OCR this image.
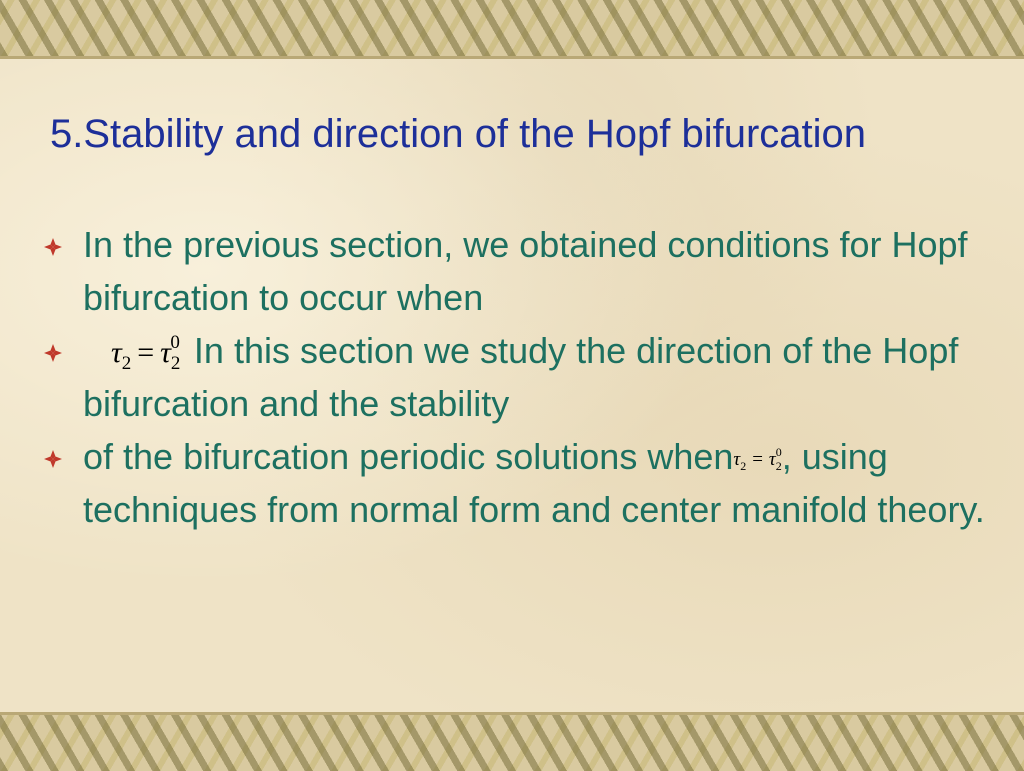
5.Stability and direction of the Hopf bifurcation
In the previous section, we obtained conditions for Hopf bifurcation to occur when
$\tau_2 = \tau_2^0$ In this section we study the direction of the Hopf bifurcation and the stability
of the bifurcation periodic solutions whenτ$_2$ = $\tau_2^0$, using techniques from normal form and center manifold theory.
